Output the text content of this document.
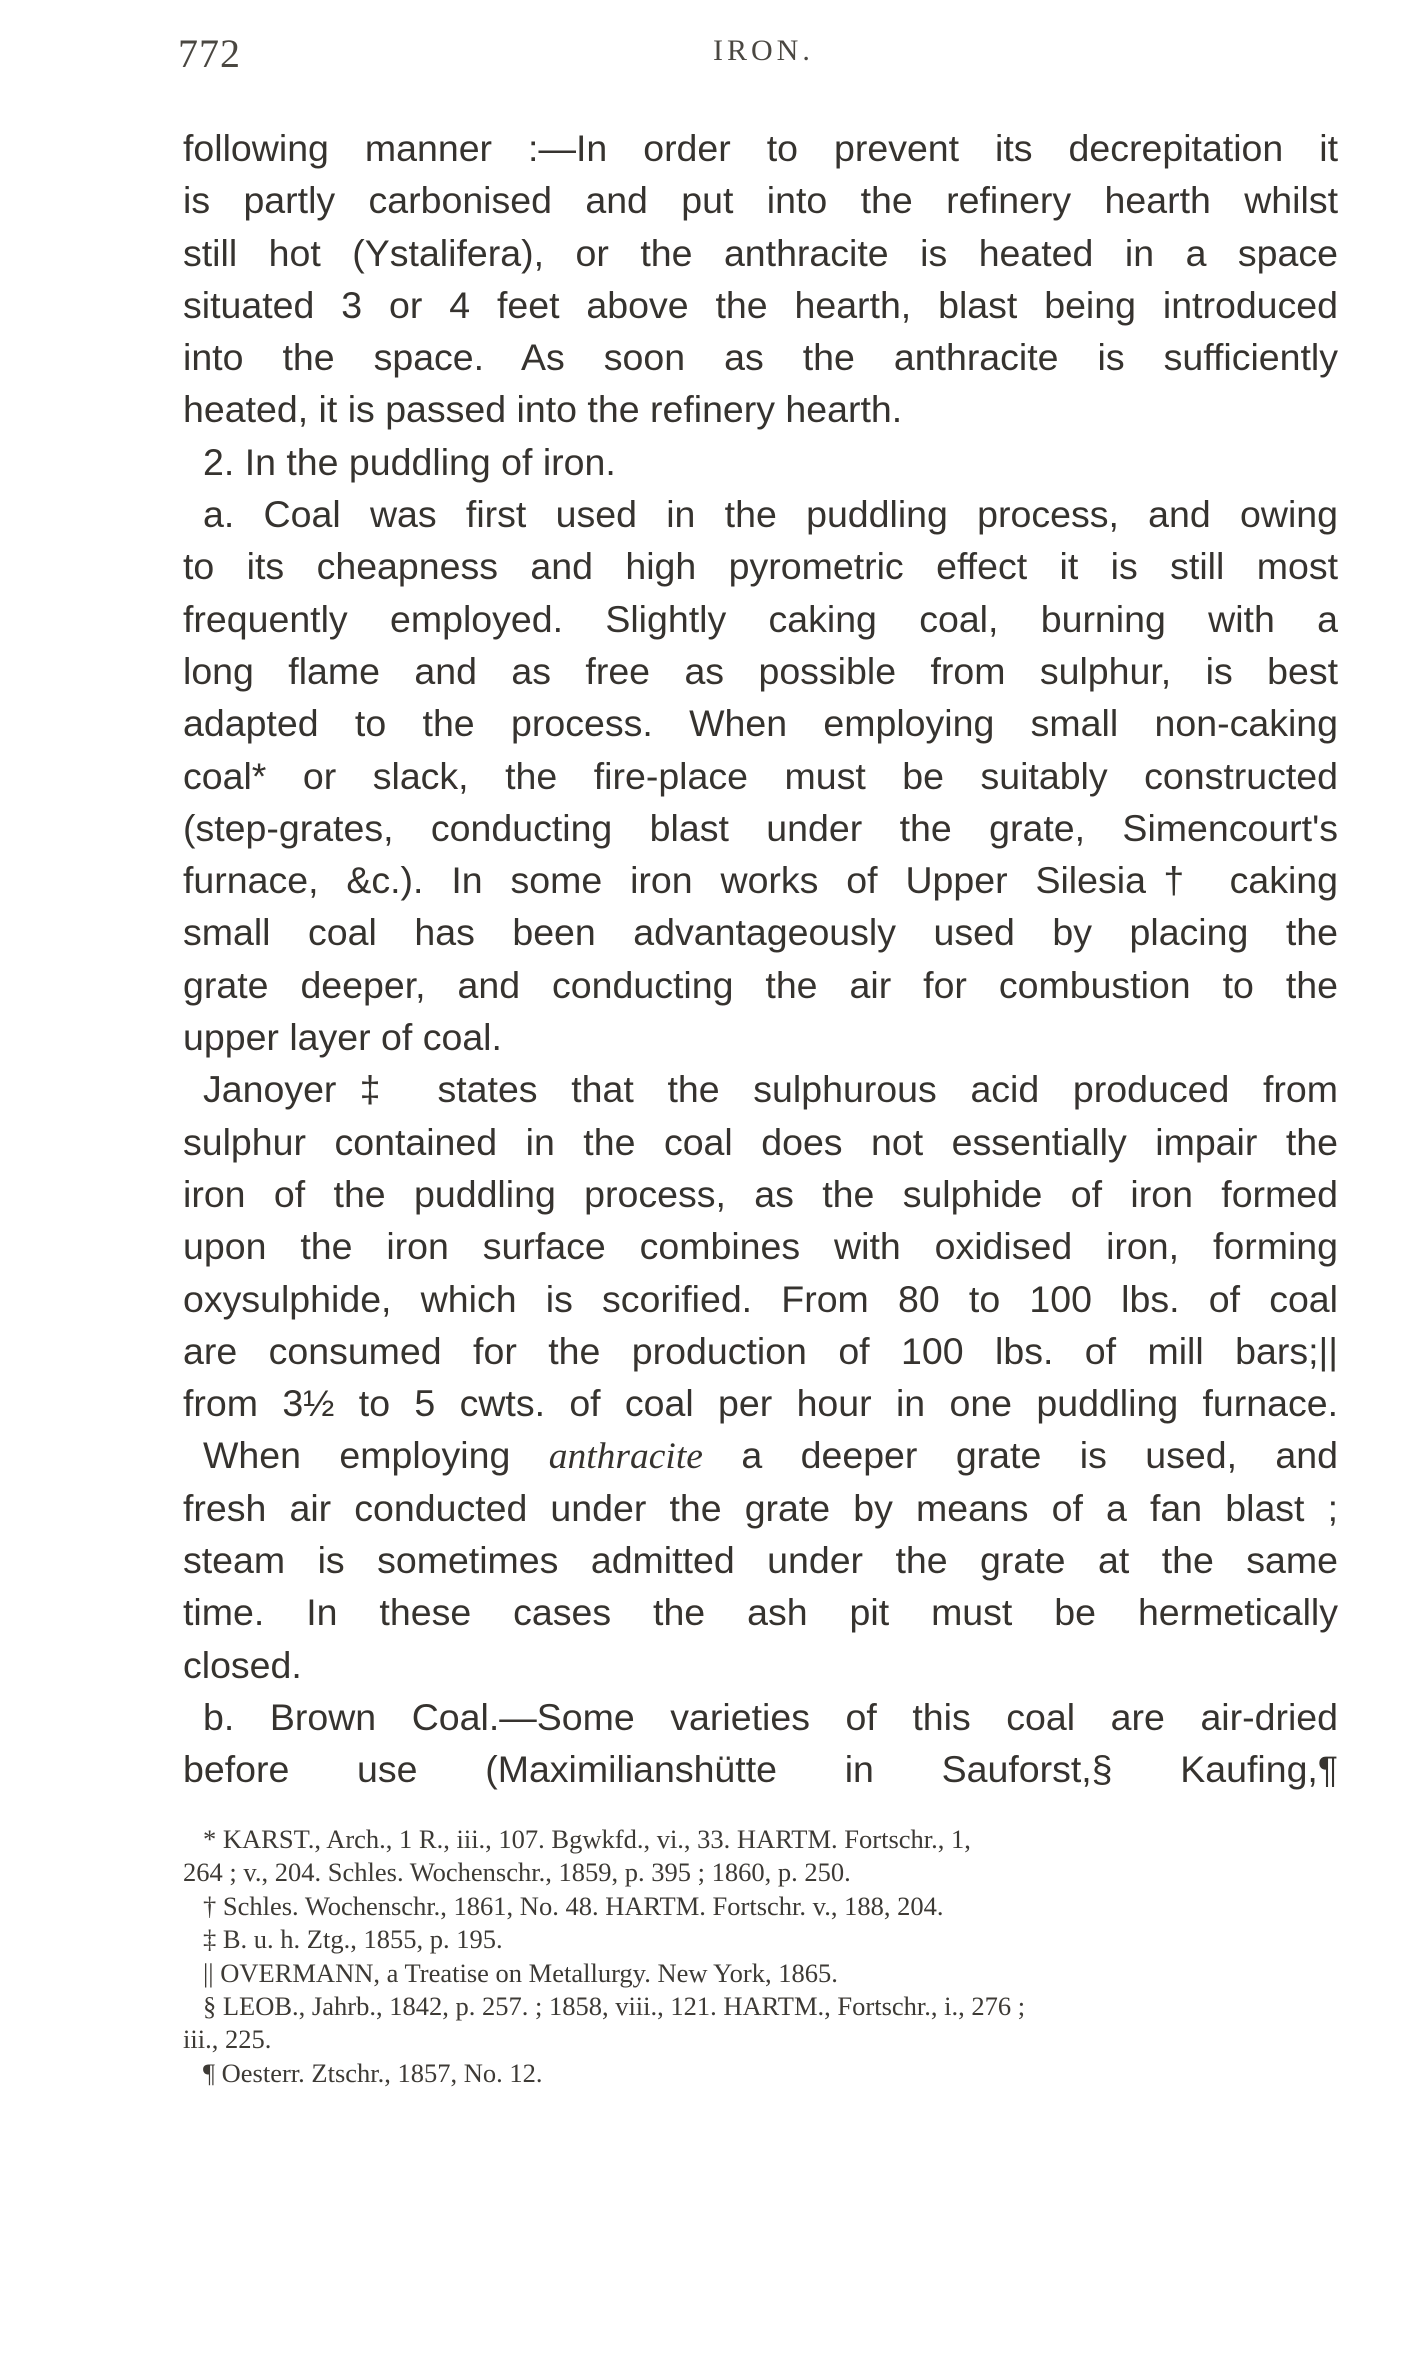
772	IRON.
following manner :—In order to prevent its decrepitation it
is partly carbonised and put into the refinery hearth whilst
still hot (Ystalifera), or the anthracite is heated in a space
situated 3 or 4 feet above the hearth, blast being introduced
into the space. As soon as the anthracite is sufficiently
heated, it is passed into the refinery hearth.
2. In the puddling of iron.
a. Coal was first used in the puddling process, and owing
to its cheapness and high pyrometric effect it is still most
frequently employed. Slightly caking coal, burning with a
long flame and as free as possible from sulphur, is best
adapted to the process. When employing small non-caking
coal* or slack, the fire-place must be suitably constructed
(step-grates, conducting blast under the grate, Simencourt's
furnace, &c.). In some iron works of Upper Silesia† caking
small coal has been advantageously used by placing the
grate deeper, and conducting the air for combustion to the
upper layer of coal.
Janoyer‡ states that the sulphurous acid produced from
sulphur contained in the coal does not essentially impair the
iron of the puddling process, as the sulphide of iron formed
upon the iron surface combines with oxidised iron, forming
oxysulphide, which is scorified. From 80 to 100 lbs. of coal
are consumed for the production of 100 lbs. of mill bars;||
from 3½ to 5 cwts. of coal per hour in one puddling furnace.
When employing anthracite a deeper grate is used, and
fresh air conducted under the grate by means of a fan blast ;
steam is sometimes admitted under the grate at the same
time. In these cases the ash pit must be hermetically
closed.
b. Brown Coal.—Some varieties of this coal are air-dried
before use (Maximilianshütte in Sauforst,§ Kaufing,¶
* KARST., Arch., 1 R., iii., 107. Bgwkfd., vi., 33. HARTM. Fortschr., 1,
264 ; v., 204. Schles. Wochenschr., 1859, p. 395 ; 1860, p. 250.
† Schles. Wochenschr., 1861, No. 48. HARTM. Fortschr. v., 188, 204.
‡ B. u. h. Ztg., 1855, p. 195.
|| OVERMANN, a Treatise on Metallurgy. New York, 1865.
§ LEOB., Jahrb., 1842, p. 257. ; 1858, viii., 121. HARTM., Fortschr., i., 276 ;
iii., 225.
¶ Oesterr. Ztschr., 1857, No. 12.
